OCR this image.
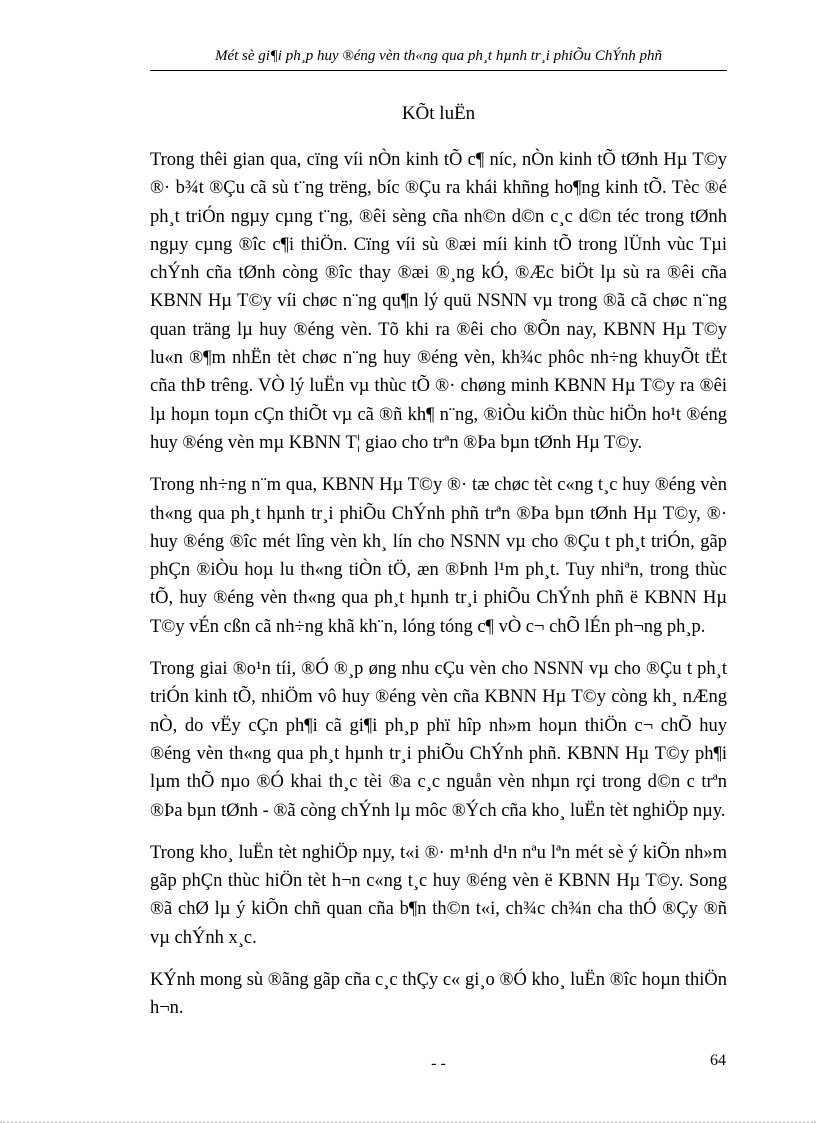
Mét sè gi¶i ph¸p huy ®éng vèn th«ng qua ph¸t hµnh tr¸i phiÕu ChÝnh phñ
KÕt luËn

Trong thêi gian qua, cïng víi nÒn kinh tÕ c¶ níc, nÒn kinh tÕ tØnh Hµ T©y ®· b¾t ®Çu cã sù t¨ng trëng, bíc ®Çu ra khái khñng ho¶ng kinh tÕ. Tèc ®é ph¸t triÓn ngµy cµng t¨ng, ®êi sèng cña nh©n d©n c¸c d©n téc trong tØnh ngµy cµng ®îc c¶i thiÖn. Cïng víi sù ®æi míi kinh tÕ trong lÜnh vùc Tµi chÝnh cña tØnh còng ®îc thay ®æi ®¸ng kÓ, ®Æc biÖt lµ sù ra ®êi cña KBNN Hµ T©y víi chøc n¨ng qu¶n lý quü NSNN vµ trong ®ã cã chøc n¨ng quan träng lµ huy ®éng vèn. Tõ khi ra ®êi cho ®Õn nay, KBNN Hµ T©y lu«n ®¶m nhËn tèt chøc n¨ng huy ®éng vèn, kh¾c phôc nh÷ng khuyÕt tËt cña thÞ trêng. VÒ lý luËn vµ thùc tÕ ®· chøng minh KBNN Hµ T©y ra ®êi lµ hoµn toµn cÇn thiÕt vµ cã ®ñ kh¶ n¨ng, ®iÒu kiÖn thùc hiÖn ho¹t ®éng huy ®éng vèn mµ KBNN T¦ giao cho trªn ®Þa bµn tØnh Hµ T©y.

Trong nh÷ng n¨m qua, KBNN Hµ T©y ®· tæ chøc tèt c«ng t¸c huy ®éng vèn th«ng qua ph¸t hµnh tr¸i phiÕu ChÝnh phñ trªn ®Þa bµn tØnh Hµ T©y, ®· huy ®éng ®îc mét lîng vèn kh¸ lín cho NSNN vµ cho ®Çu t ph¸t triÓn, gãp phÇn ®iÒu hoµ lu th«ng tiÒn tÖ, æn ®Þnh l¹m ph¸t. Tuy nhiªn, trong thùc tÕ, huy ®éng vèn th«ng qua ph¸t hµnh tr¸i phiÕu ChÝnh phñ ë KBNN Hµ T©y vÉn cßn cã nh÷ng khã kh¨n, lóng tóng c¶ vÒ c¬ chÕ lÉn ph¬ng ph¸p.

Trong giai ®o¹n tíi, ®Ó ®¸p øng nhu cÇu vèn cho NSNN vµ cho ®Çu t ph¸t triÓn kinh tÕ, nhiÖm vô huy ®éng vèn cña KBNN Hµ T©y còng kh¸ nÆng nÒ, do vËy cÇn ph¶i cã gi¶i ph¸p phï hîp nh»m hoµn thiÖn c¬ chÕ huy ®éng vèn th«ng qua ph¸t hµnh tr¸i phiÕu ChÝnh phñ. KBNN Hµ T©y ph¶i lµm thÕ nµo ®Ó khai th¸c tèi ®a c¸c nguån vèn nhµn rçi trong d©n c trªn ®Þa bµn tØnh - ®ã còng chÝnh lµ môc ®Ých cña kho¸ luËn tèt nghiÖp nµy.

Trong kho¸ luËn tèt nghiÖp nµy, t«i ®· m¹nh d¹n nªu lªn mét sè ý kiÕn nh»m gãp phÇn thùc hiÖn tèt h¬n c«ng t¸c huy ®éng vèn ë KBNN Hµ T©y. Song ®ã chØ lµ ý kiÕn chñ quan cña b¶n th©n t«i, ch¾c ch¾n cha thÓ ®Çy ®ñ vµ chÝnh x¸c.

KÝnh mong sù ®ãng gãp cña c¸c thÇy c« gi¸o ®Ó kho¸ luËn ®îc hoµn thiÖn h¬n.

- -	64
